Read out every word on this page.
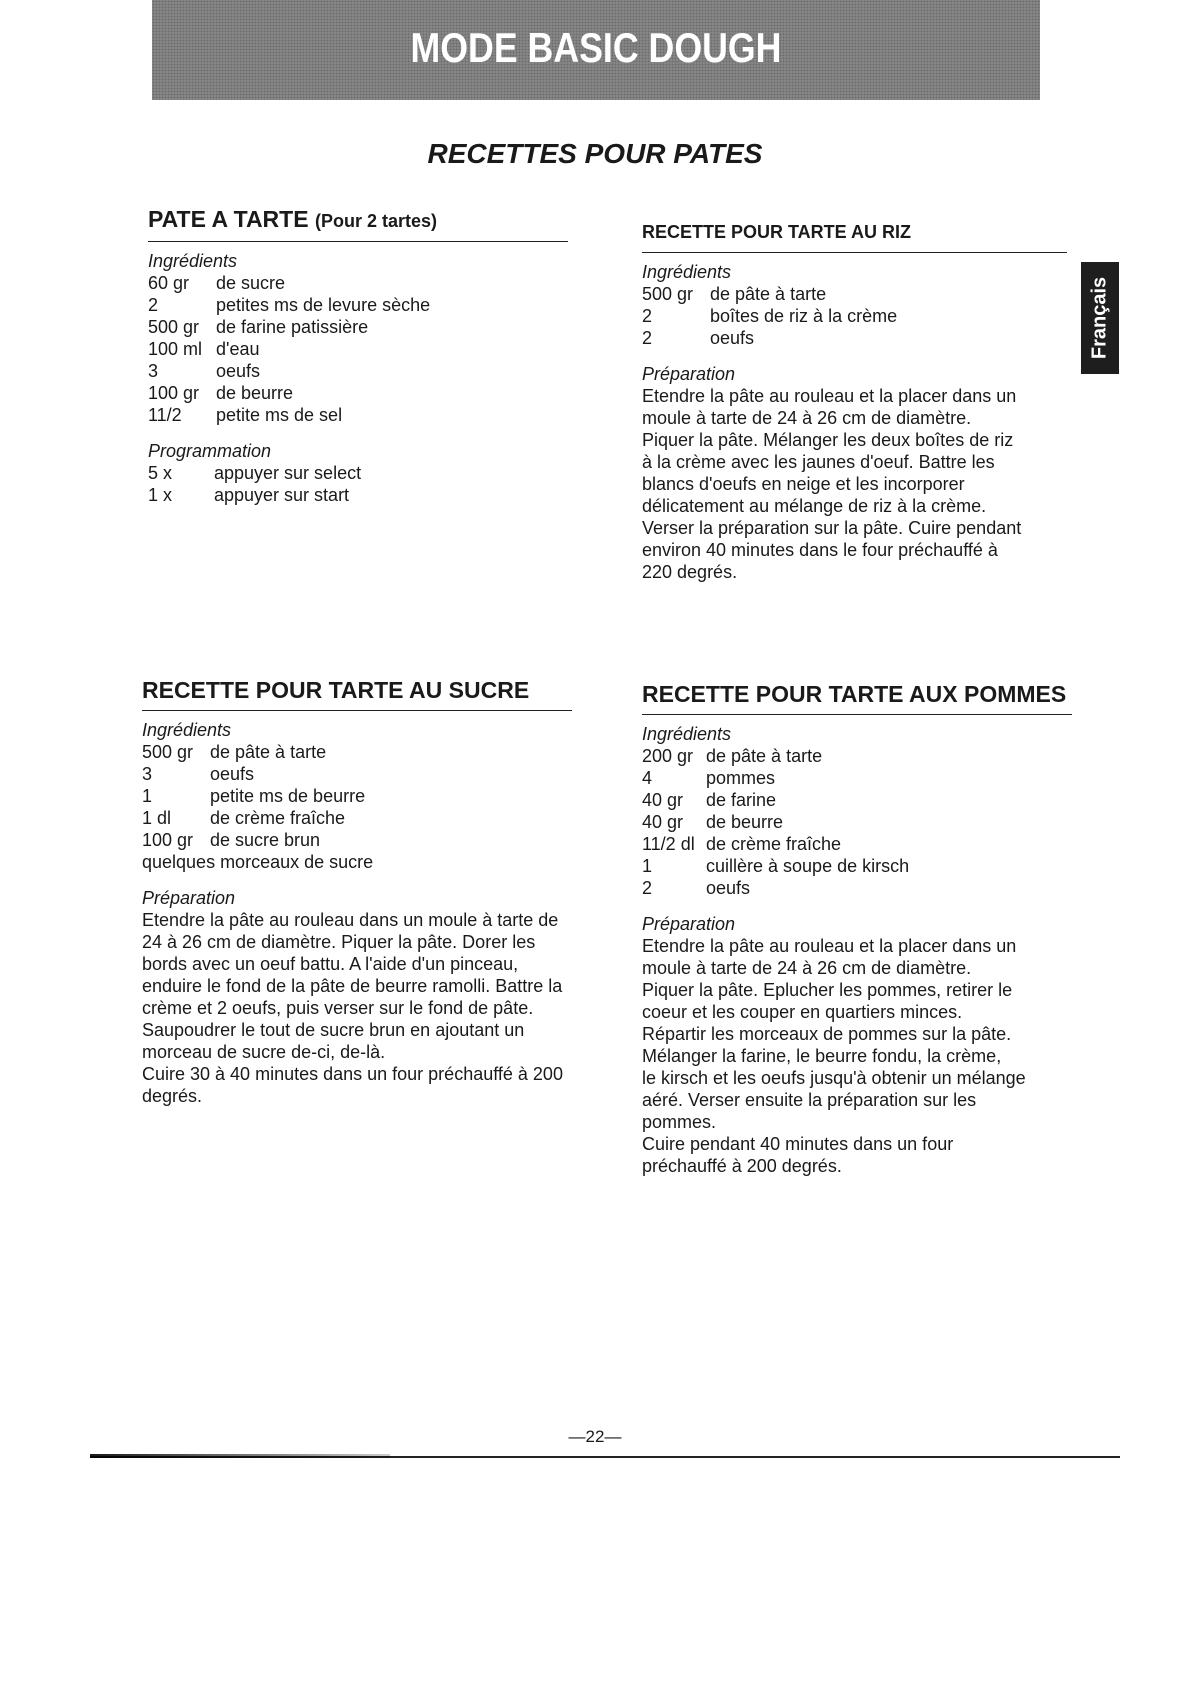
MODE BASIC DOUGH
RECETTES POUR PATES
Français
PATE A TARTE (Pour 2 tartes)
Ingrédients
60 gr	de sucre
2	petites ms de levure sèche
500 gr de farine patissière
100 ml d'eau
3	oeufs
100 gr de beurre
11/2	petite ms de sel
Programmation
5 x	appuyer sur select
1 x	appuyer sur start
RECETTE POUR TARTE AU RIZ
Ingrédients
500 gr de pâte à tarte
2	boîtes de riz à la crème
2	oeufs
Préparation
Etendre la pâte au rouleau et la placer dans un
moule à tarte de 24 à 26 cm de diamètre.
Piquer la pâte. Mélanger les deux boîtes de riz
à la crème avec les jaunes d'oeuf. Battre les
blancs d'oeufs en neige et les incorporer
délicatement au mélange de riz à la crème.
Verser la préparation sur la pâte. Cuire pendant
environ 40 minutes dans le four préchauffé à
220 degrés.
RECETTE POUR TARTE AU SUCRE
Ingrédients
500 gr de pâte à tarte
3	oeufs
1	petite ms de beurre
1 dl	de crème fraîche
100 gr de sucre brun
quelques morceaux de sucre
Préparation
Etendre la pâte au rouleau dans un moule à tarte de
24 à 26 cm de diamètre. Piquer la pâte. Dorer les
bords avec un oeuf battu. A l'aide d'un pinceau,
enduire le fond de la pâte de beurre ramolli. Battre la
crème et 2 oeufs, puis verser sur le fond de pâte.
Saupoudrer le tout de sucre brun en ajoutant un
morceau de sucre de-ci, de-là.
Cuire 30 à 40 minutes dans un four préchauffé à 200
degrés.
RECETTE POUR TARTE AUX POMMES
Ingrédients
200 gr de pâte à tarte
4	pommes
40 gr	de farine
40 gr	de beurre
11/2 dl de crème fraîche
1	cuillère à soupe de kirsch
2	oeufs
Préparation
Etendre la pâte au rouleau et la placer dans un
moule à tarte de 24 à 26 cm de diamètre.
Piquer la pâte. Eplucher les pommes, retirer le
coeur et les couper en quartiers minces.
Répartir les morceaux de pommes sur la pâte.
Mélanger la farine, le beurre fondu, la crème,
le kirsch et les oeufs jusqu'à obtenir un mélange
aéré. Verser ensuite la préparation sur les
pommes.
Cuire pendant 40 minutes dans un four
préchauffé à 200 degrés.
—22—
